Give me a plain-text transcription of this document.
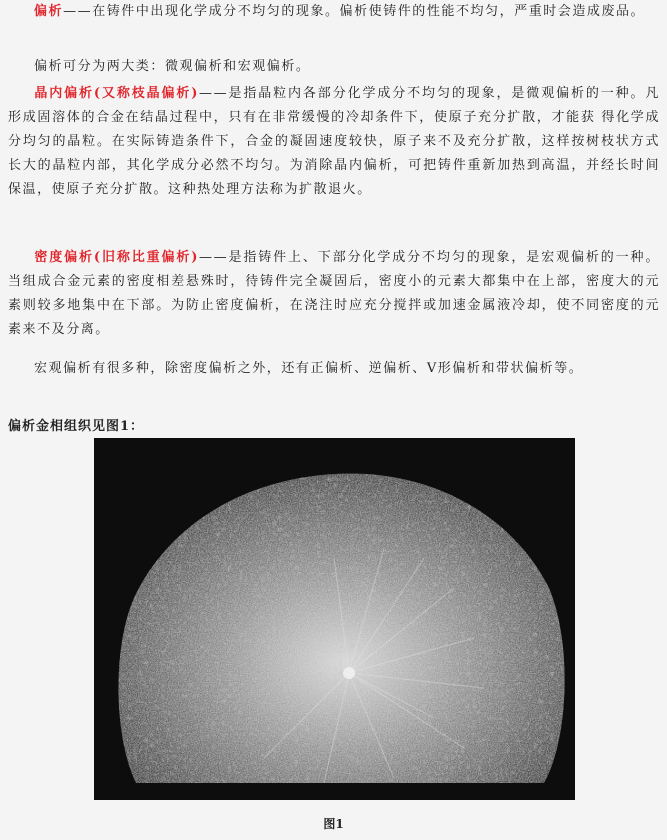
偏析——在铸件中出现化学成分不均匀的现象。偏析使铸件的性能不均匀，严重时会造成废品。

偏析可分为两大类：微观偏析和宏观偏析。

晶内偏析(又称枝晶偏析)——是指晶粒内各部分化学成分不均匀的现象，是微观偏析的一种。凡形成固溶体的合金在结晶过程中，只有在非常缓慢的冷却条件下，使原子充分扩散，才能获 得化学成分均匀的晶粒。在实际铸造条件下，合金的凝固速度较快，原子来不及充分扩散，这样按树枝状方式长大的晶粒内部，其化学成分必然不均匀。为消除晶内偏析，可把铸件重新加热到高温，并经长时间保温，使原子充分扩散。这种热处理方法称为扩散退火。

密度偏析(旧称比重偏析)——是指铸件上、下部分化学成分不均匀的现象，是宏观偏析的一种。当组成合金元素的密度相差悬殊时，待铸件完全凝固后，密度小的元素大都集中在上部，密度大的元素则较多地集中在下部。为防止密度偏析，在浇注时应充分搅拌或加速金属液冷却，使不同密度的元素来不及分离。

宏观偏析有很多种，除密度偏析之外，还有正偏析、逆偏析、V形偏析和带状偏析等。

偏析金相组织见图1：
图1
